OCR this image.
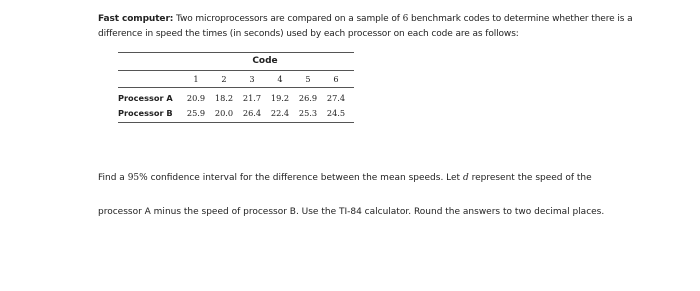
Fast computer: Two microprocessors are compared on a sample of 6 benchmark codes to determine whether there is a difference in speed the times (in seconds) used by each processor on each code are as follows:
Code
1	2	3	4	5	6
Processor A	20.9	18.2	21.7	19.2	26.9	27.4
Processor B	25.9	20.0	26.4	22.4	25.3	24.5
Find a 95% confidence interval for the difference between the mean speeds. Let d represent the speed of the
processor A minus the speed of processor B. Use the TI-84 calculator. Round the answers to two decimal places.
